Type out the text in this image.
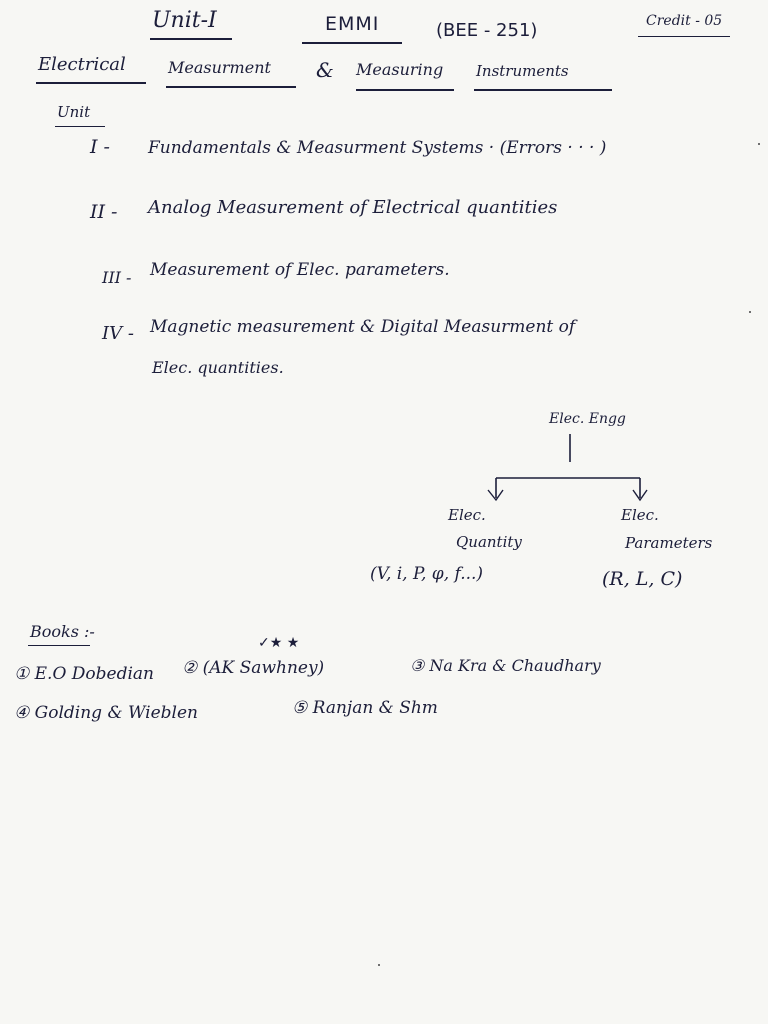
Unit-I	EMMI	(BEE - 251)	Credit - 05
Electrical	Measurment & Measuring Instruments
Unit
I - Fundamentals & Measurment Systems · (Errors · · · )
II - Analog Measurement of Electrical quantities
III - Measurement of Elec. parameters.
IV - Magnetic measurement & Digital Measurment of
Elec. quantities.
Elec. Engg
Elec.
Quantity
(V, i, P, φ, f...)
Elec.
Parameters
(R, L, C)
Books :-
✓★ ★
① E.O Dobedian ② (AK Sawhney)	③ Na Kra & Chaudhary
④ Golding & Wieblen	⑤ Ranjan & Shm
